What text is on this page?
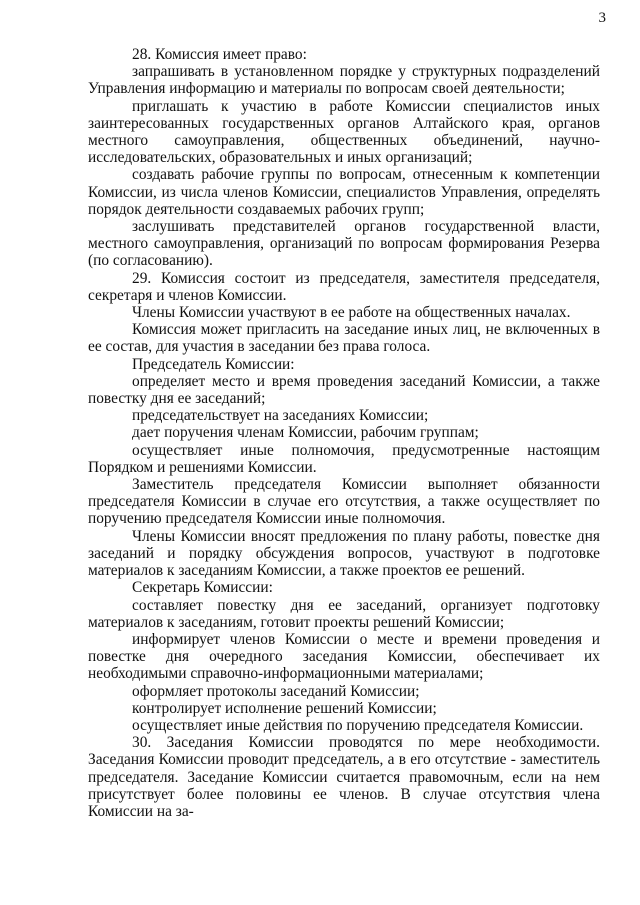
3

28. Комиссия имеет право:

запрашивать в установленном порядке у структурных подразделений Управления информацию и материалы по вопросам своей деятельности;

приглашать к участию в работе Комиссии специалистов иных заинтересованных государственных органов Алтайского края, органов местного самоуправления, общественных объединений, научно-исследовательских, образовательных и иных организаций;

создавать рабочие группы по вопросам, отнесенным к компетенции Комиссии, из числа членов Комиссии, специалистов Управления, определять порядок деятельности создаваемых рабочих групп;

заслушивать представителей органов государственной власти, местного самоуправления, организаций по вопросам формирования Резерва (по согласованию).

29. Комиссия состоит из председателя, заместителя председателя, секретаря и членов Комиссии.

Члены Комиссии участвуют в ее работе на общественных началах.

Комиссия может пригласить на заседание иных лиц, не включенных в ее состав, для участия в заседании без права голоса.

Председатель Комиссии:

определяет место и время проведения заседаний Комиссии, а также повестку дня ее заседаний;

председательствует на заседаниях Комиссии;

дает поручения членам Комиссии, рабочим группам;

осуществляет иные полномочия, предусмотренные настоящим Порядком и решениями Комиссии.

Заместитель председателя Комиссии выполняет обязанности председателя Комиссии в случае его отсутствия, а также осуществляет по поручению председателя Комиссии иные полномочия.

Члены Комиссии вносят предложения по плану работы, повестке дня заседаний и порядку обсуждения вопросов, участвуют в подготовке материалов к заседаниям Комиссии, а также проектов ее решений.

Секретарь Комиссии:

составляет повестку дня ее заседаний, организует подготовку материалов к заседаниям, готовит проекты решений Комиссии;

информирует членов Комиссии о месте и времени проведения и повестке дня очередного заседания Комиссии, обеспечивает их необходимыми справочно-информационными материалами;

оформляет протоколы заседаний Комиссии;

контролирует исполнение решений Комиссии;

осуществляет иные действия по поручению председателя Комиссии.

30. Заседания Комиссии проводятся по мере необходимости. Заседания Комиссии проводит председатель, а в его отсутствие - заместитель председателя. Заседание Комиссии считается правомочным, если на нем присутствует более половины ее членов. В случае отсутствия члена Комиссии на за-
